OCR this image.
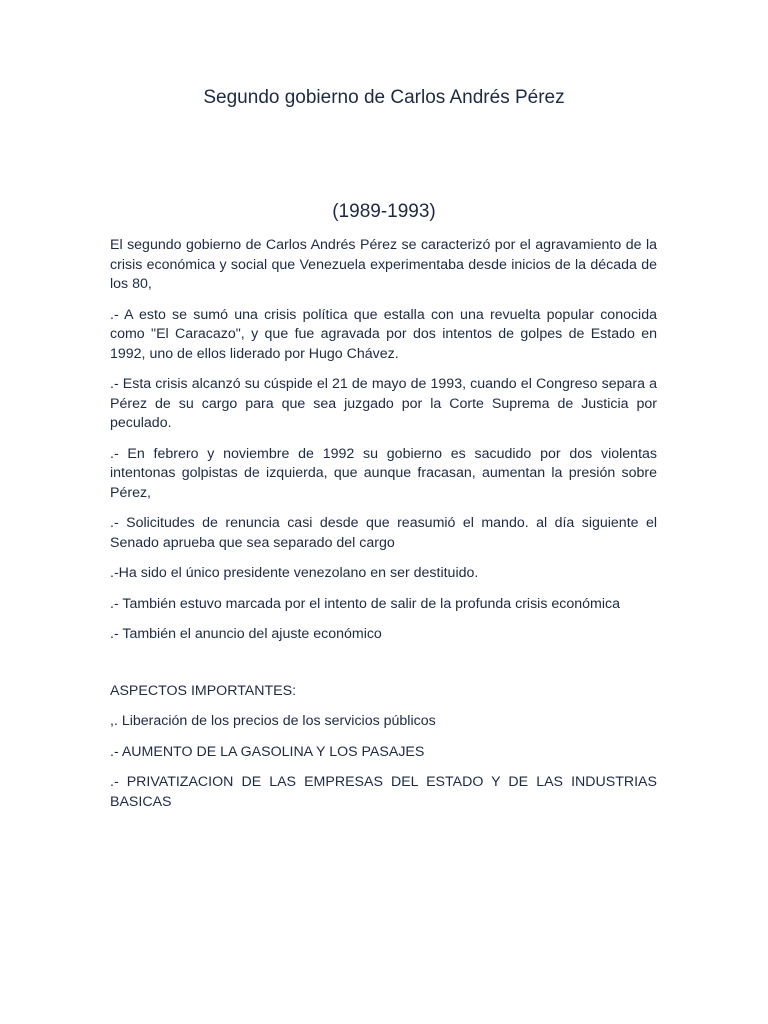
Segundo gobierno de Carlos Andrés Pérez
(1989-1993)

El segundo gobierno de Carlos Andrés Pérez se caracterizó por el agravamiento de la crisis económica y social que Venezuela experimentaba desde inicios de la década de los 80,

.- A esto se sumó una crisis política que estalla con una revuelta popular conocida como "El Caracazo", y que fue agravada por dos intentos de golpes de Estado en 1992, uno de ellos liderado por Hugo Chávez.

.- Esta crisis alcanzó su cúspide el 21 de mayo de 1993, cuando el Congreso separa a Pérez de su cargo para que sea juzgado por la Corte Suprema de Justicia por peculado.

.- En febrero y noviembre de 1992 su gobierno es sacudido por dos violentas intentonas golpistas de izquierda, que aunque fracasan, aumentan la presión sobre Pérez,

.- Solicitudes de renuncia casi desde que reasumió el mando. al día siguiente el Senado aprueba que sea separado del cargo

.-Ha sido el único presidente venezolano en ser destituido.

.- También estuvo marcada por el intento de salir de la profunda crisis económica

.- También el anuncio del ajuste económico

ASPECTOS IMPORTANTES:

,. Liberación de los precios de los servicios públicos

.- AUMENTO DE LA GASOLINA Y LOS PASAJES

.- PRIVATIZACION DE LAS EMPRESAS DEL ESTADO Y DE LAS INDUSTRIAS BASICAS
